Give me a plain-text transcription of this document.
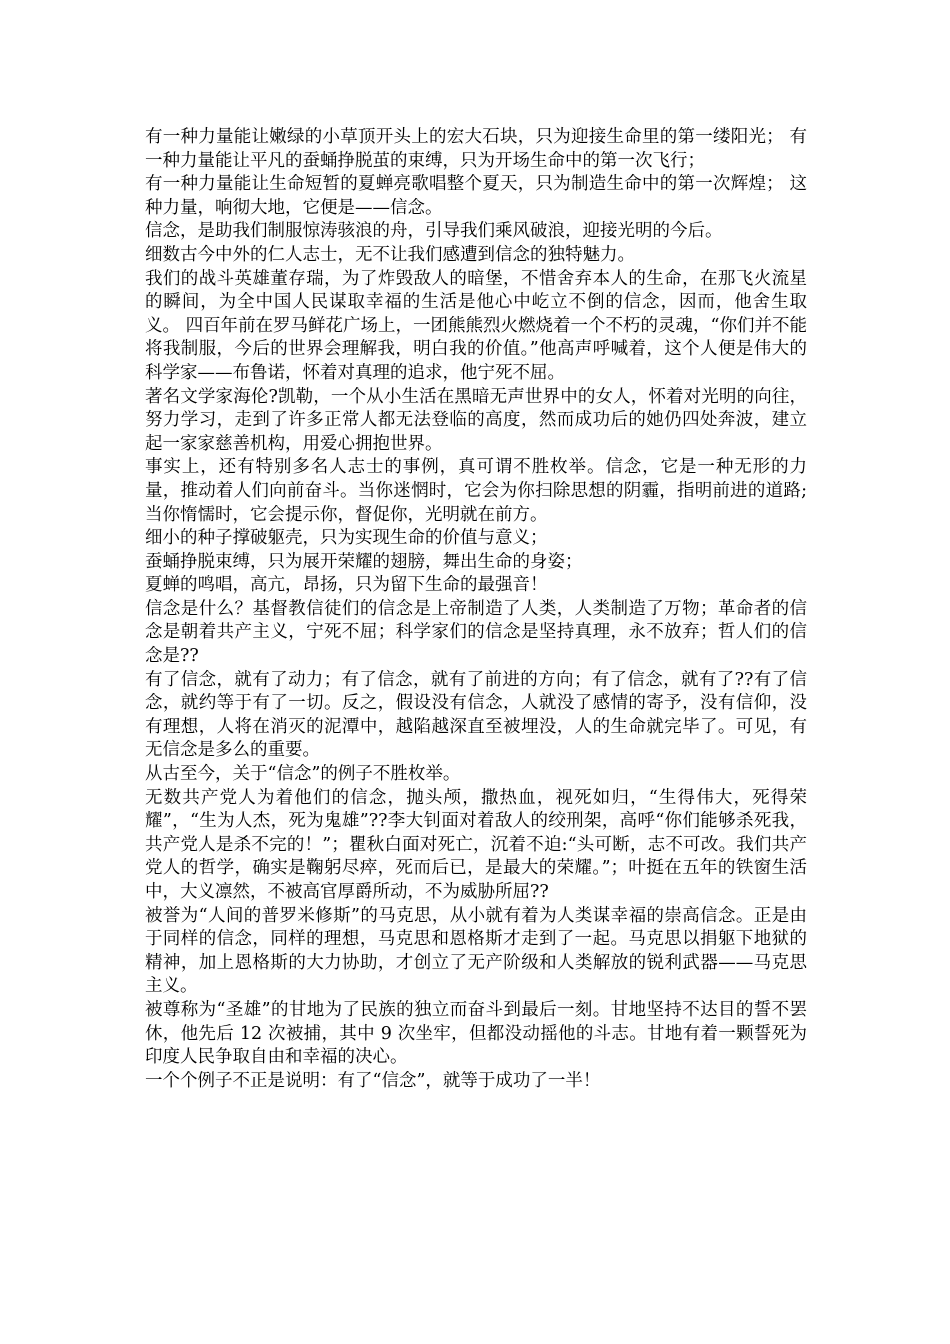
有一种力量能让嫩绿的小草顶开头上的宏大石块，只为迎接生命里的第一缕阳光； 有一种力量能让平凡的蚕蛹挣脱茧的束缚，只为开场生命中的第一次飞行；

有一种力量能让生命短暂的夏蝉亮歌唱整个夏天，只为制造生命中的第一次辉煌； 这种力量，响彻大地，它便是——信念。

信念，是助我们制服惊涛骇浪的舟，引导我们乘风破浪，迎接光明的今后。

细数古今中外的仁人志士，无不让我们感遭到信念的独特魅力。

我们的战斗英雄董存瑞，为了炸毁敌人的暗堡，不惜舍弃本人的生命，在那飞火流星的瞬间，为全中国人民谋取幸福的生活是他心中屹立不倒的信念，因而，他舍生取义。 四百年前在罗马鲜花广场上，一团熊熊烈火燃烧着一个不朽的灵魂，“你们并不能将我制服，今后的世界会理解我，明白我的价值。”他高声呼喊着，这个人便是伟大的科学家——布鲁诺，怀着对真理的追求，他宁死不屈。

著名文学家海伦?凯勒，一个从小生活在黑暗无声世界中的女人，怀着对光明的向往，努力学习，走到了许多正常人都无法登临的高度，然而成功后的她仍四处奔波，建立起一家家慈善机构，用爱心拥抱世界。

事实上，还有特别多名人志士的事例，真可谓不胜枚举。信念，它是一种无形的力量，推动着人们向前奋斗。当你迷惘时，它会为你扫除思想的阴霾，指明前进的道路;当你惰懦时，它会提示你，督促你，光明就在前方。

细小的种子撑破躯壳，只为实现生命的价值与意义；

蚕蛹挣脱束缚，只为展开荣耀的翅膀，舞出生命的身姿；

夏蝉的鸣唱，高亢，昂扬，只为留下生命的最强音！

信念是什么？基督教信徒们的信念是上帝制造了人类，人类制造了万物；革命者的信念是朝着共产主义，宁死不屈；科学家们的信念是坚持真理，永不放弃；哲人们的信念是??

有了信念，就有了动力；有了信念，就有了前进的方向；有了信念，就有了??有了信念，就约等于有了一切。反之，假设没有信念，人就没了感情的寄予，没有信仰，没有理想，人将在消灭的泥潭中，越陷越深直至被埋没，人的生命就完毕了。可见，有无信念是多么的重要。

从古至今，关于“信念”的例子不胜枚举。

无数共产党人为着他们的信念，抛头颅，撒热血，视死如归，“生得伟大，死得荣耀”，“生为人杰，死为鬼雄”??李大钊面对着敌人的绞刑架，高呼“你们能够杀死我，共产党人是杀不完的！”；瞿秋白面对死亡，沉着不迫:“头可断，志不可改。我们共产党人的哲学，确实是鞠躬尽瘁，死而后已，是最大的荣耀。”；叶挺在五年的铁窗生活中，大义凛然，不被高官厚爵所动，不为威胁所屈??

被誉为“人间的普罗米修斯”的马克思，从小就有着为人类谋幸福的崇高信念。正是由于同样的信念，同样的理想，马克思和恩格斯才走到了一起。马克思以捐躯下地狱的精神，加上恩格斯的大力协助，才创立了无产阶级和人类解放的锐利武器——马克思主义。

被尊称为“圣雄”的甘地为了民族的独立而奋斗到最后一刻。甘地坚持不达目的誓不罢休，他先后 12 次被捕，其中 9 次坐牢，但都没动摇他的斗志。甘地有着一颗誓死为印度人民争取自由和幸福的决心。

一个个例子不正是说明：有了“信念”，就等于成功了一半！
